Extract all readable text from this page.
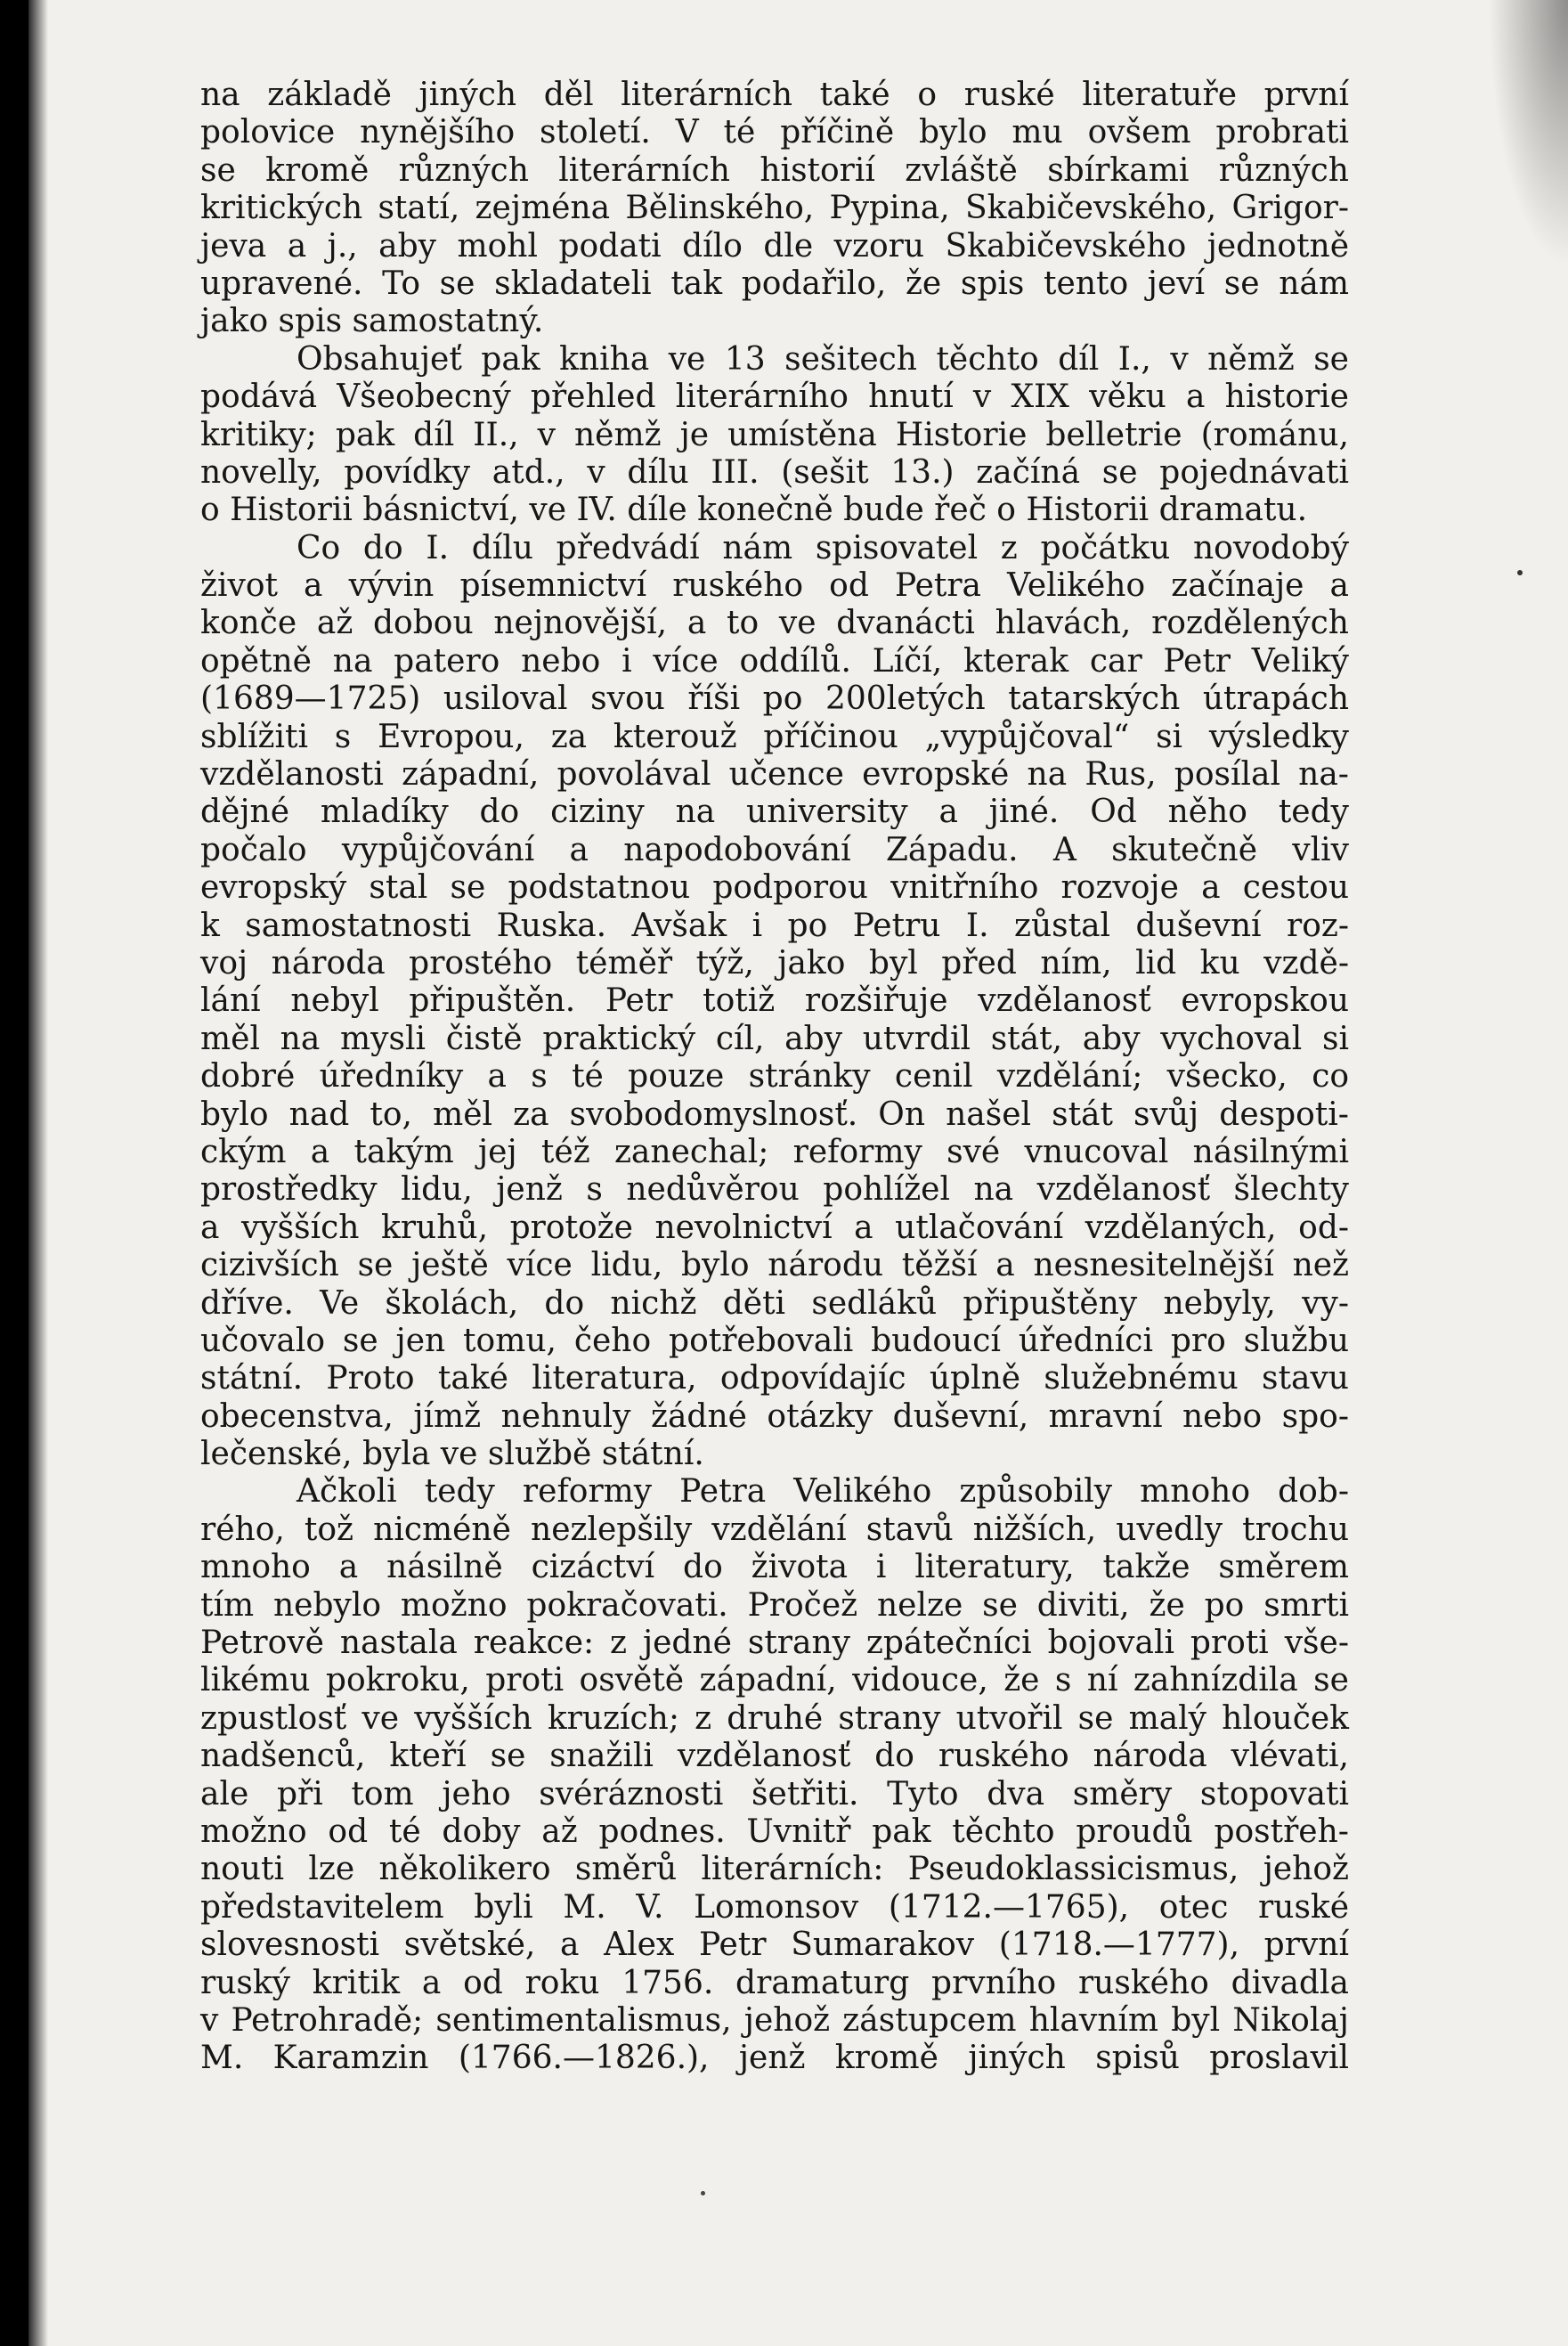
na základě jiných děl literárních také o ruské literatuře první
polovice nynějšího století. V té příčině bylo mu ovšem probrati
se kromě různých literárních historií zvláště sbírkami různých
kritických statí, zejména Bělinského, Pypina, Skabičevského, Grigor-
jeva a j., aby mohl podati dílo dle vzoru Skabičevského jednotně
upravené. To se skladateli tak podařilo, že spis tento jeví se nám
jako spis samostatný.
Obsahujeť pak kniha ve 13 sešitech těchto díl I., v němž se
podává Všeobecný přehled literárního hnutí v XIX věku a historie
kritiky; pak díl II., v němž je umístěna Historie belletrie (románu,
novelly, povídky atd., v dílu III. (sešit 13.) začíná se pojednávati
o Historii básnictví, ve IV. díle konečně bude řeč o Historii dramatu.
Co do I. dílu předvádí nám spisovatel z počátku novodobý
život a vývin písemnictví ruského od Petra Velikého začínaje a
konče až dobou nejnovější, a to ve dvanácti hlavách, rozdělených
opětně na patero nebo i více oddílů. Líčí, kterak car Petr Veliký
(1689—1725) usiloval svou říši po 200letých tatarských útrapách
sblížiti s Evropou, za kterouž příčinou „vypůjčoval“ si výsledky
vzdělanosti západní, povolával učence evropské na Rus, posílal na-
dějné mladíky do ciziny na university a jiné. Od něho tedy
počalo vypůjčování a napodobování Západu. A skutečně vliv
evropský stal se podstatnou podporou vnitřního rozvoje a cestou
k samostatnosti Ruska. Avšak i po Petru I. zůstal duševní roz-
voj národa prostého téměř týž, jako byl před ním, lid ku vzdě-
lání nebyl připuštěn. Petr totiž rozšiřuje vzdělanosť evropskou
měl na mysli čistě praktický cíl, aby utvrdil stát, aby vychoval si
dobré úředníky a s té pouze stránky cenil vzdělání; všecko, co
bylo nad to, měl za svobodomyslnosť. On našel stát svůj despoti-
ckým a takým jej též zanechal; reformy své vnucoval násilnými
prostředky lidu, jenž s nedůvěrou pohlížel na vzdělanosť šlechty
a vyšších kruhů, protože nevolnictví a utlačování vzdělaných, od-
cizivších se ještě více lidu, bylo národu těžší a nesnesitelnější než
dříve. Ve školách, do nichž děti sedláků připuštěny nebyly, vy-
učovalo se jen tomu, čeho potřebovali budoucí úředníci pro službu
státní. Proto také literatura, odpovídajíc úplně služebnému stavu
obecenstva, jímž nehnuly žádné otázky duševní, mravní nebo spo-
lečenské, byla ve službě státní.
Ačkoli tedy reformy Petra Velikého způsobily mnoho dob-
rého, tož nicméně nezlepšily vzdělání stavů nižších, uvedly trochu
mnoho a násilně cizáctví do života i literatury, takže směrem
tím nebylo možno pokračovati. Pročež nelze se diviti, že po smrti
Petrově nastala reakce: z jedné strany zpátečníci bojovali proti vše-
likému pokroku, proti osvětě západní, vidouce, že s ní zahnízdila se
zpustlosť ve vyšších kruzích; z druhé strany utvořil se malý hlouček
nadšenců, kteří se snažili vzdělanosť do ruského národa vlévati,
ale při tom jeho svéráznosti šetřiti. Tyto dva směry stopovati
možno od té doby až podnes. Uvnitř pak těchto proudů postřeh-
nouti lze několikero směrů literárních: Pseudoklassicismus, jehož
představitelem byli M. V. Lomonsov (1712.—1765), otec ruské
slovesnosti světské, a Alex Petr Sumarakov (1718.—1777), první
ruský kritik a od roku 1756. dramaturg prvního ruského divadla
v Petrohradě; sentimentalismus, jehož zástupcem hlavním byl Nikolaj
M. Karamzin (1766.—1826.), jenž kromě jiných spisů proslavil
